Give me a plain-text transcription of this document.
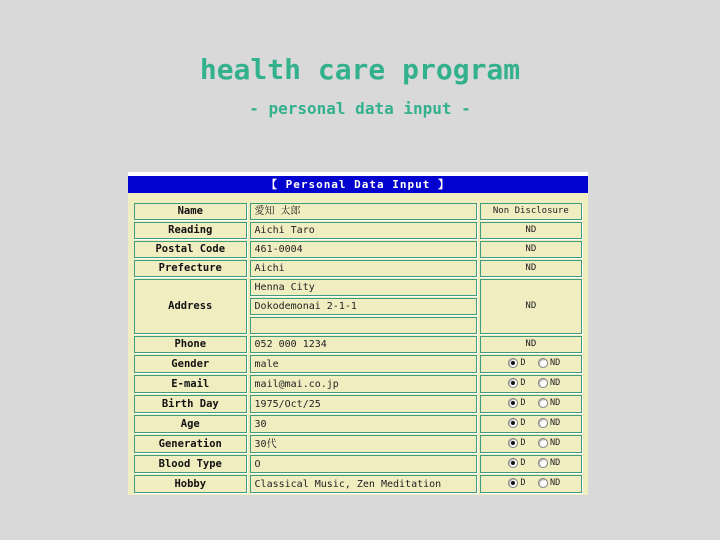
health care program
- personal data input -
【 Personal Data Input 】
Name	愛知 太郎	Non Disclosure
Reading	Aichi Taro	ND
Postal Code	461-0004	ND
Prefecture	Aichi	ND
Address	Henna City	ND
	Dokodemonai 2-1-1	

Phone	052 000 1234	ND
Gender	male	D ND
E-mail	mail@mai.co.jp	D ND
Birth Day	1975/Oct/25	D ND
Age	30	D ND
Generation	30代	D ND
Blood Type	O	D ND
Hobby	Classical Music, Zen Meditation	D ND
